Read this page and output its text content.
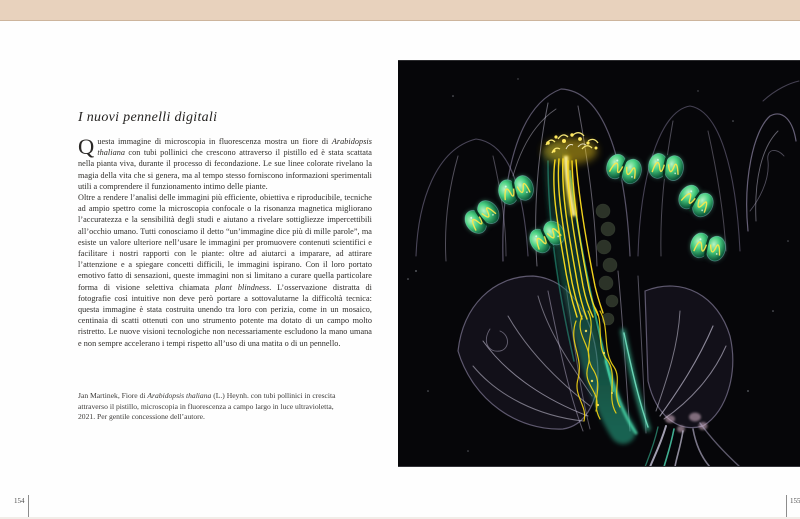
I nuovi pennelli digitali

Questa immagine di microscopia in fluorescenza mostra un fiore di Arabidopsis thaliana con tubi pollinici che crescono attraverso il pistillo ed è stata scattata nella pianta viva, durante il processo di fecondazione. Le sue linee colorate rivelano la magia della vita che si genera, ma al tempo stesso forniscono informazioni sperimentali utili a comprendere il funzionamento intimo delle piante.

Oltre a rendere l’analisi delle immagini più efficiente, obiettiva e riproducibile, tecniche ad ampio spettro come la microscopia confocale o la risonanza magnetica migliorano l’accuratezza e la sensibilità degli studi e aiutano a rivelare sottigliezze impercettibili all’occhio umano. Tutti conosciamo il detto “un’immagine dice più di mille parole”, ma esiste un valore ulteriore nell’usare le immagini per promuovere contenuti scientifici e facilitare i nostri rapporti con le piante: oltre ad aiutarci a imparare, ad attirare l’attenzione e a spiegare concetti difficili, le immagini ispirano. Con il loro portato emotivo fatto di sensazioni, queste immagini non si limitano a curare quella particolare forma di visione selettiva chiamata plant blindness. L’osservazione distratta di fotografie così intuitive non deve però portare a sottovalutarne la difficoltà tecnica: questa immagine è stata costruita unendo tra loro con perizia, come in un mosaico, centinaia di scatti ottenuti con uno strumento potente ma dotato di un campo molto ristretto. Le nuove visioni tecnologiche non necessariamente escludono la mano umana e non sempre accelerano i tempi rispetto all’uso di una matita o di un pennello.

Jan Martinek, Fiore di Arabidopsis thaliana (L.) Heynh. con tubi pollinici in crescita attraverso il pistillo, microscopia in fluorescenza a campo largo in luce ultravioletta, 2021. Per gentile concessione dell’autore.
154	155
